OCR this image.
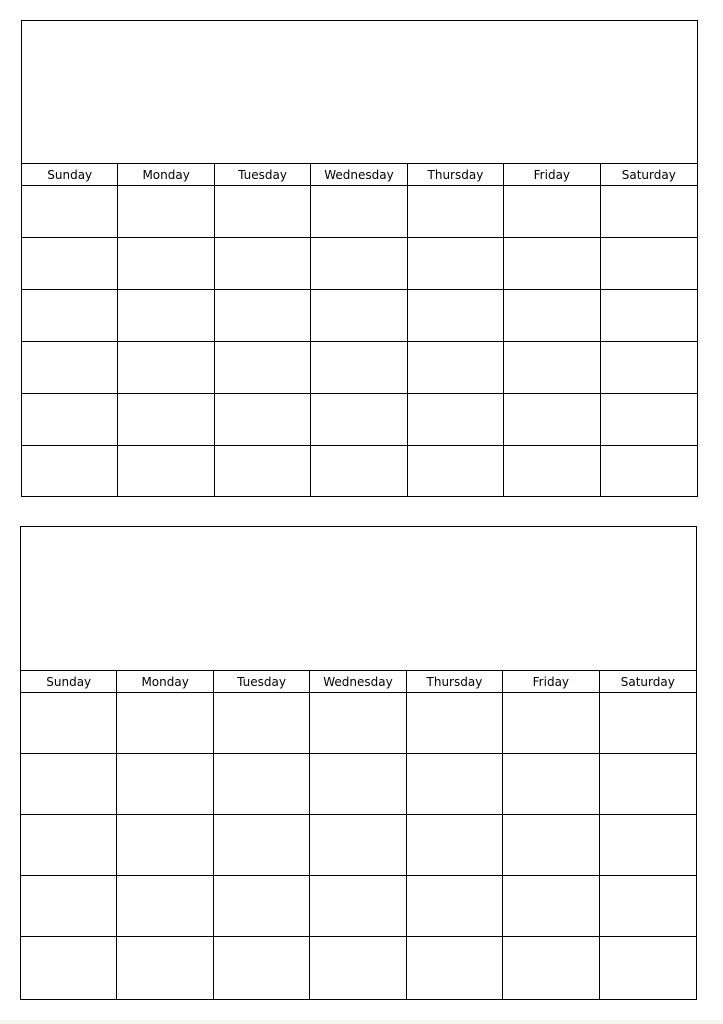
Sunday	Monday	Tuesday	Wednesday	Thursday	Friday	Saturday
Sunday	Monday	Tuesday	Wednesday	Thursday	Friday	Saturday
